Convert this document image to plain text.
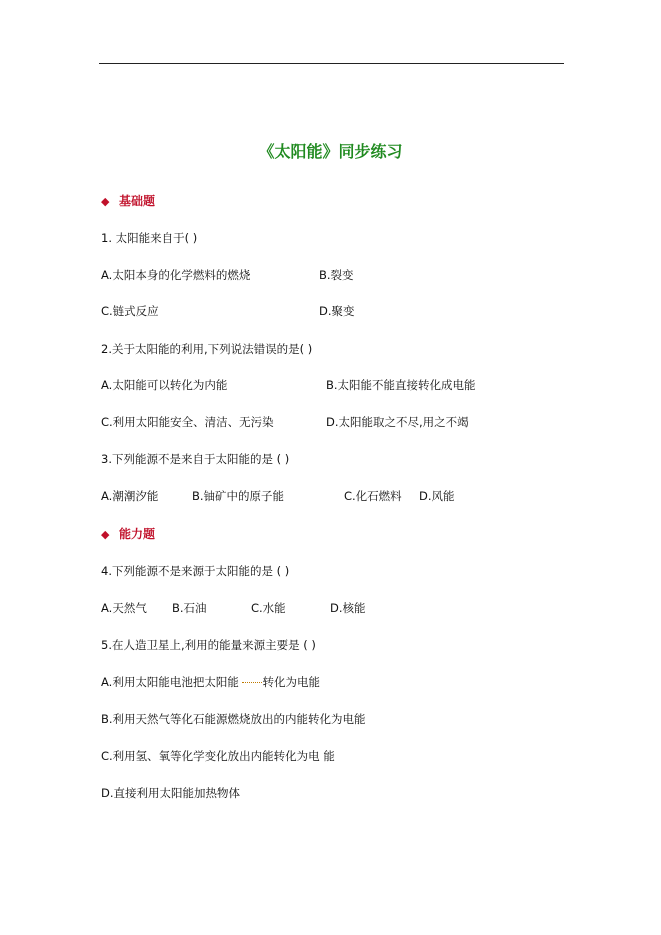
《太阳能》同步练习
◆ 基础题
1. 太阳能来自于( )
A.太阳本身的化学燃料的燃烧	B.裂变
C.链式反应	D.聚变
2.关于太阳能的利用,下列说法错误的是( )
A.太阳能可以转化为内能	B.太阳能不能直接转化成电能
C.利用太阳能安全、清洁、无污染	D.太阳能取之不尽,用之不竭
3.下列能源不是来自于太阳能的是 ( )
A.潮潮汐能	B.铀矿中的原子能	C.化石燃料 D.风能
◆ 能力题
4.下列能源不是来源于太阳能的是 ( )
A.天然气 B.石油	C.水能	D.核能
5.在人造卫星上,利用的能量来源主要是 ( )
A.利用太阳能电池把太阳能 转化为电能
B.利用天然气等化石能源燃烧放出的内能转化为电能
C.利用氢、氧等化学变化放出内能转化为电 能
D.直接利用太阳能加热物体
